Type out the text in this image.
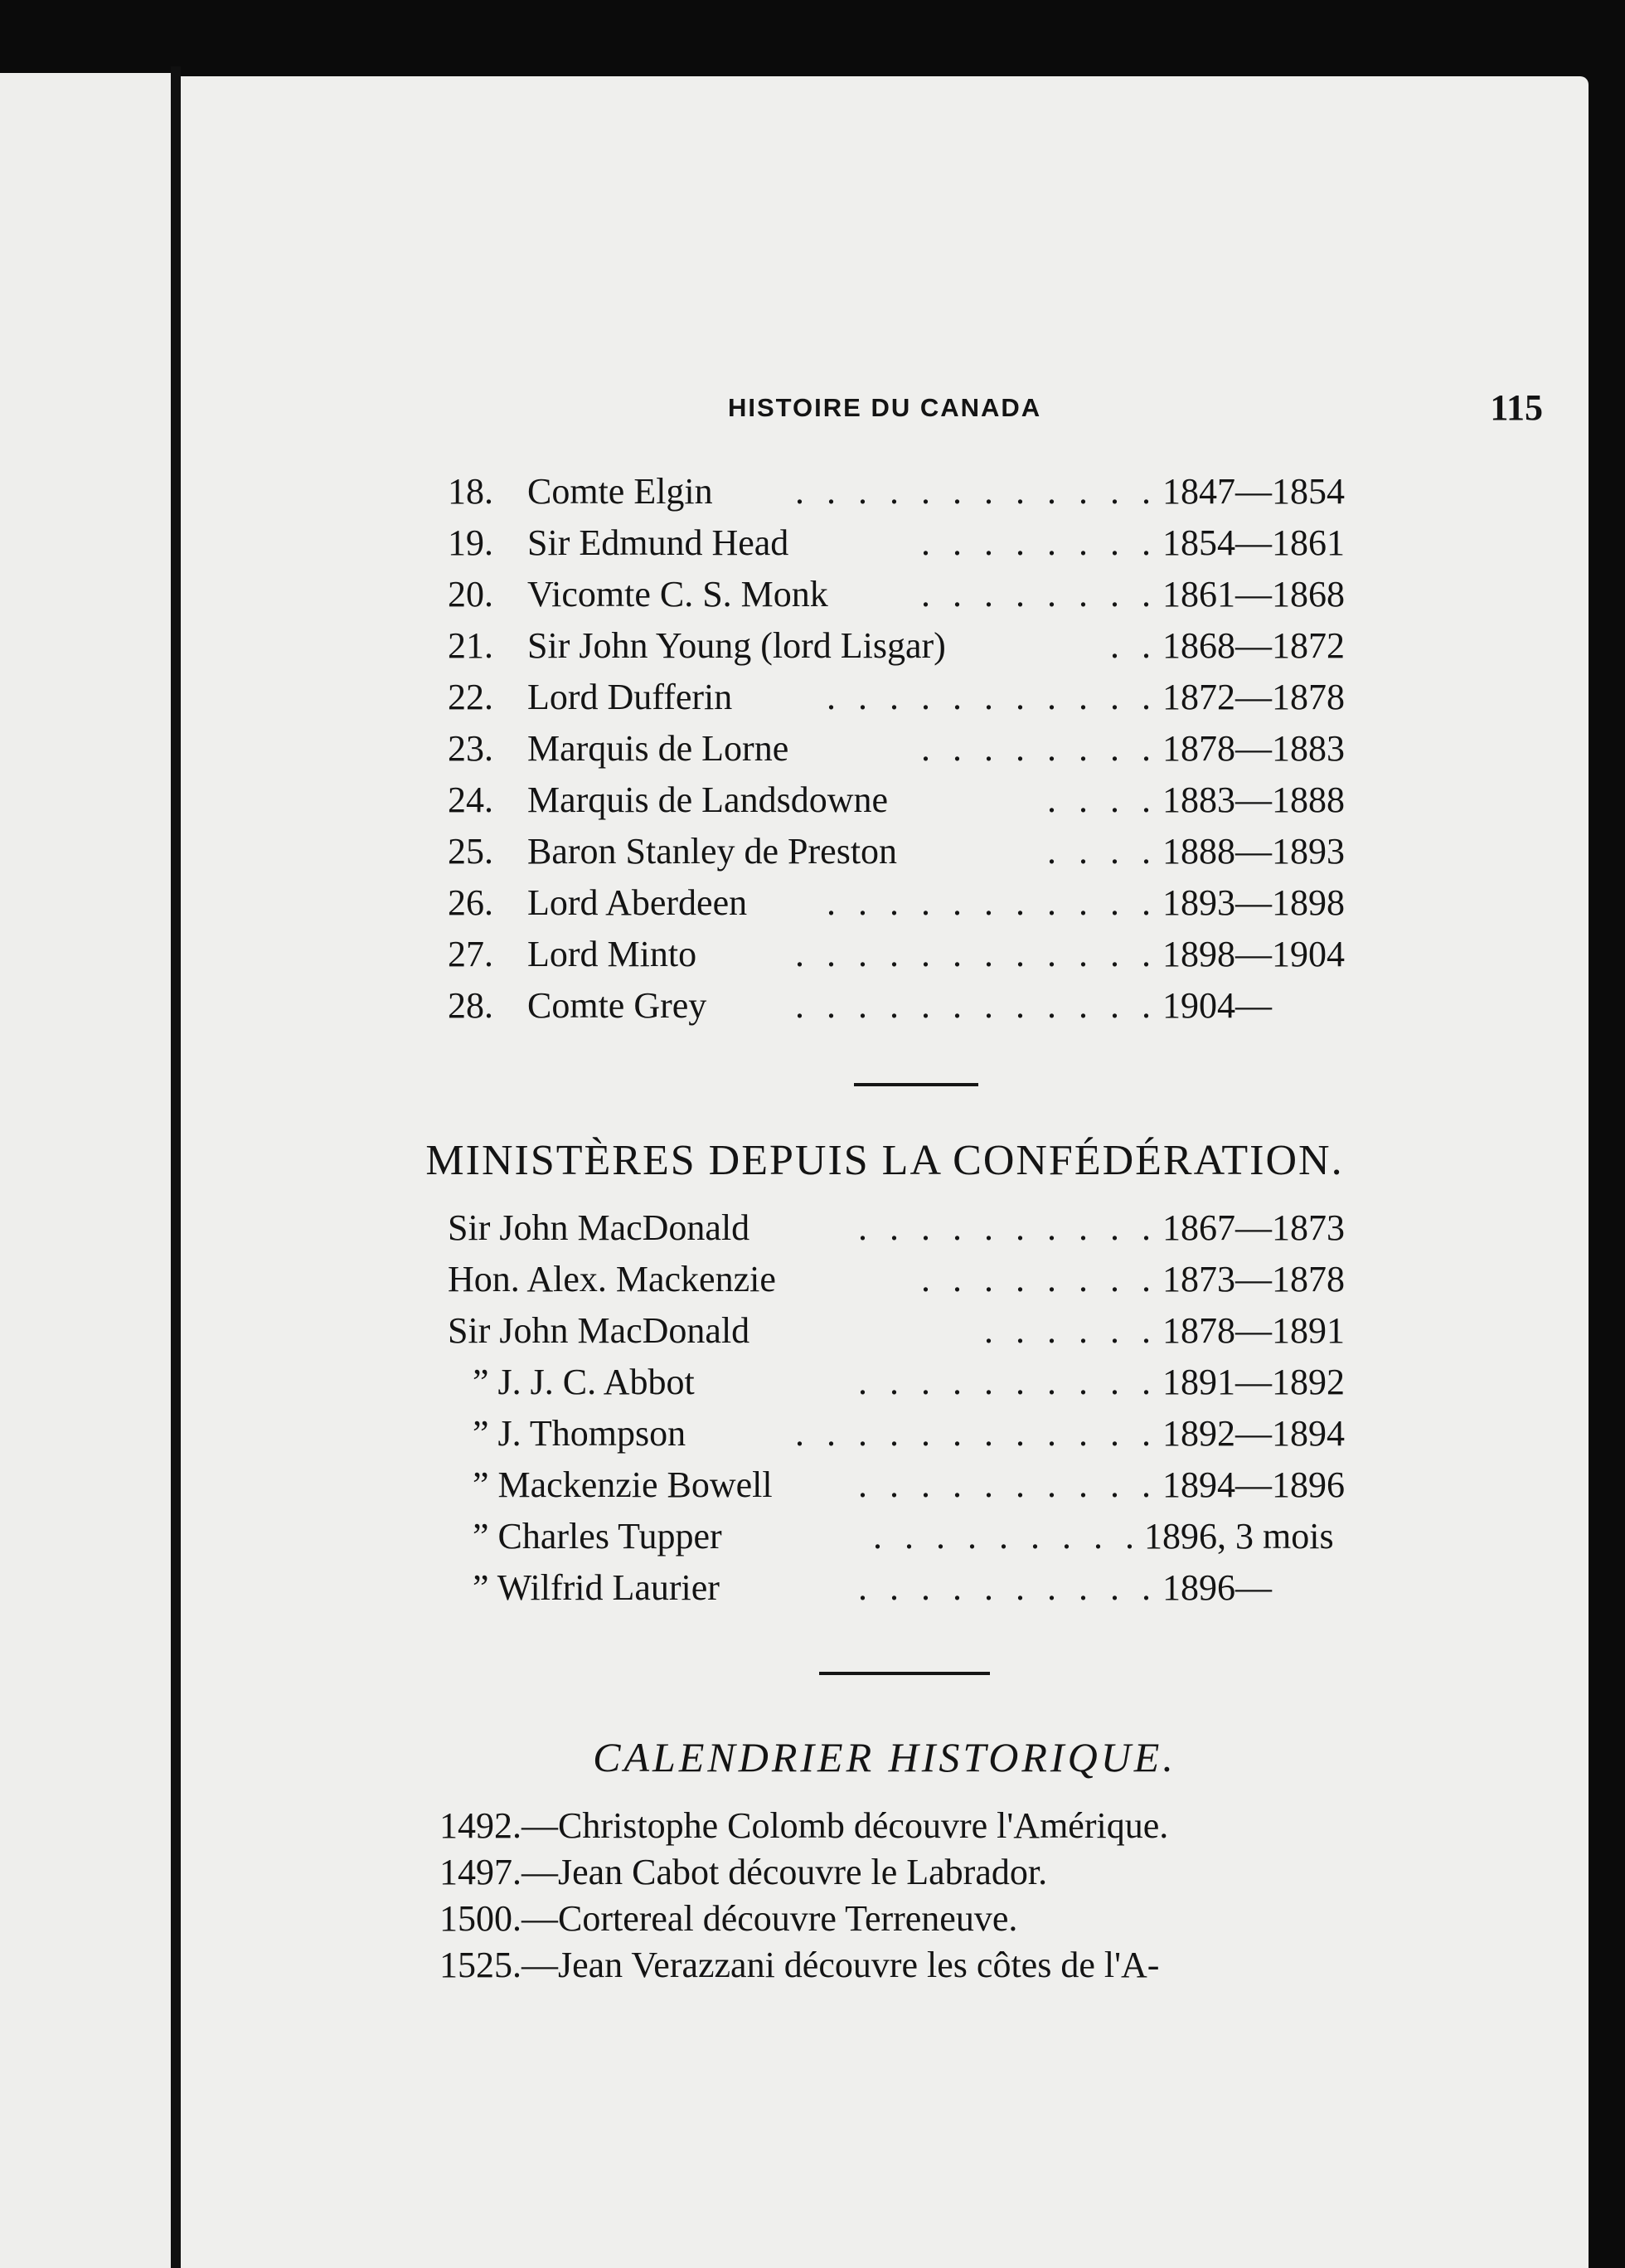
HISTOIRE DU CANADA	115
18. Comte Elgin . . . . . . . . . . . . 1847—1854
19. Sir Edmund Head	. . . . . . . . 1854—1861
20. Vicomte C. S. Monk	. . . . . . . . 1861—1868
21. Sir John Young (lord Lisgar)	. . 1868—1872
22. Lord Dufferin	. . . . . . . . . . . 1872—1878
23. Marquis de Lorne	. . . . . . . . 1878—1883
24. Marquis de Landsdowne	. . . . 1883—1888
25. Baron Stanley de Preston	. . . . 1888—1893
26. Lord Aberdeen . . . . . . . . . . . 1893—1898
27. Lord Minto	. . . . . . . . . . . . 1898—1904
28. Comte Grey . . . . . . . . . . . . 1904—
MINISTÈRES DEPUIS LA CONFÉDÉRATION.
Sir John MacDonald	. . . . . . . . . . 1867—1873
Hon. Alex. Mackenzie	. . . . . . . . 1873—1878
Sir John MacDonald	. . . . . . 1878—1891
” J. J. C. Abbot	. . . . . . . . . . 1891—1892
” J. Thompson	. . . . . . . . . . . . 1892—1894
” Mackenzie Bowell . . . . . . . . . . 1894—1896
” Charles Tupper	. . . . . . . . . 1896, 3 mois
” Wilfrid Laurier	. . . . . . . . . . 1896—
CALENDRIER HISTORIQUE.
1492.—Christophe Colomb découvre l'Amérique.
1497.—Jean Cabot découvre le Labrador.
1500.—Cortereal découvre Terreneuve.
1525.—Jean Verazzani découvre les côtes de l'A-
